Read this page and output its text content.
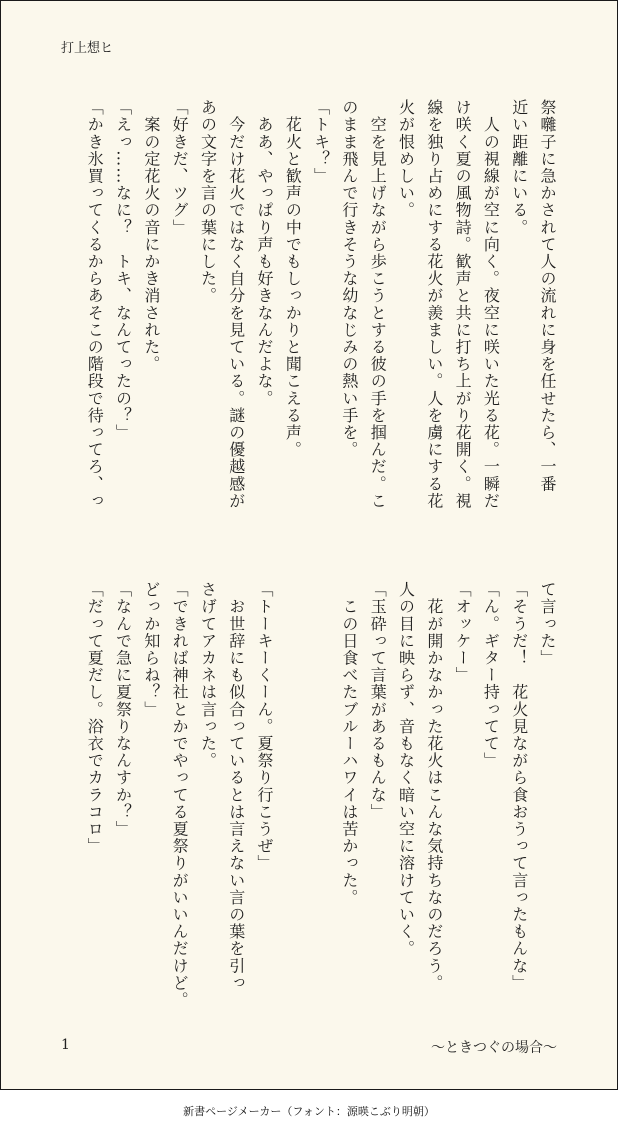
打上想ヒ

祭囃子に急かされて人の流れに身を任せたら、一番

近い距離にいる。

　人の視線が空に向く。夜空に咲いた光る花。一瞬だ

け咲く夏の風物詩。歓声と共に打ち上がり花開く。視

線を独り占めにする花火が羨ましい。人を虜にする花

火が恨めしい。

　空を見上げながら歩こうとする彼の手を掴んだ。こ

のまま飛んで行きそうな幼なじみの熱い手を。

「トキ？」

　花火と歓声の中でもしっかりと聞こえる声。

　ああ、やっぱり声も好きなんだよな。

　今だけ花火ではなく自分を見ている。謎の優越感が

あの文字を言の葉にした。

「好きだ、ツグ」

　案の定花火の音にかき消された。

「えっ……なに？　トキ、なんてったの？」

「かき氷買ってくるからあそこの階段で待ってろ、っ

て言った」

「そうだ！　花火見ながら食おうって言ったもんな」

「ん。ギター持ってて」

「オッケー」

　花が開かなかった花火はこんな気持ちなのだろう。

人の目に映らず、音もなく暗い空に溶けていく。

「玉砕って言葉があるもんな」

　この日食べたブルーハワイは苦かった。

「トーキーくーん。夏祭り行こうぜ」

　お世辞にも似合っているとは言えない言の葉を引っ

さげてアカネは言った。

「できれば神社とかでやってる夏祭りがいいんだけど。

どっか知らね？」

「なんで急に夏祭りなんすか？」

「だって夏だし。浴衣でカラコロ」

1	〜ときつぐの場合〜
新書ページメーカー（フォント：源暎こぶり明朝）
